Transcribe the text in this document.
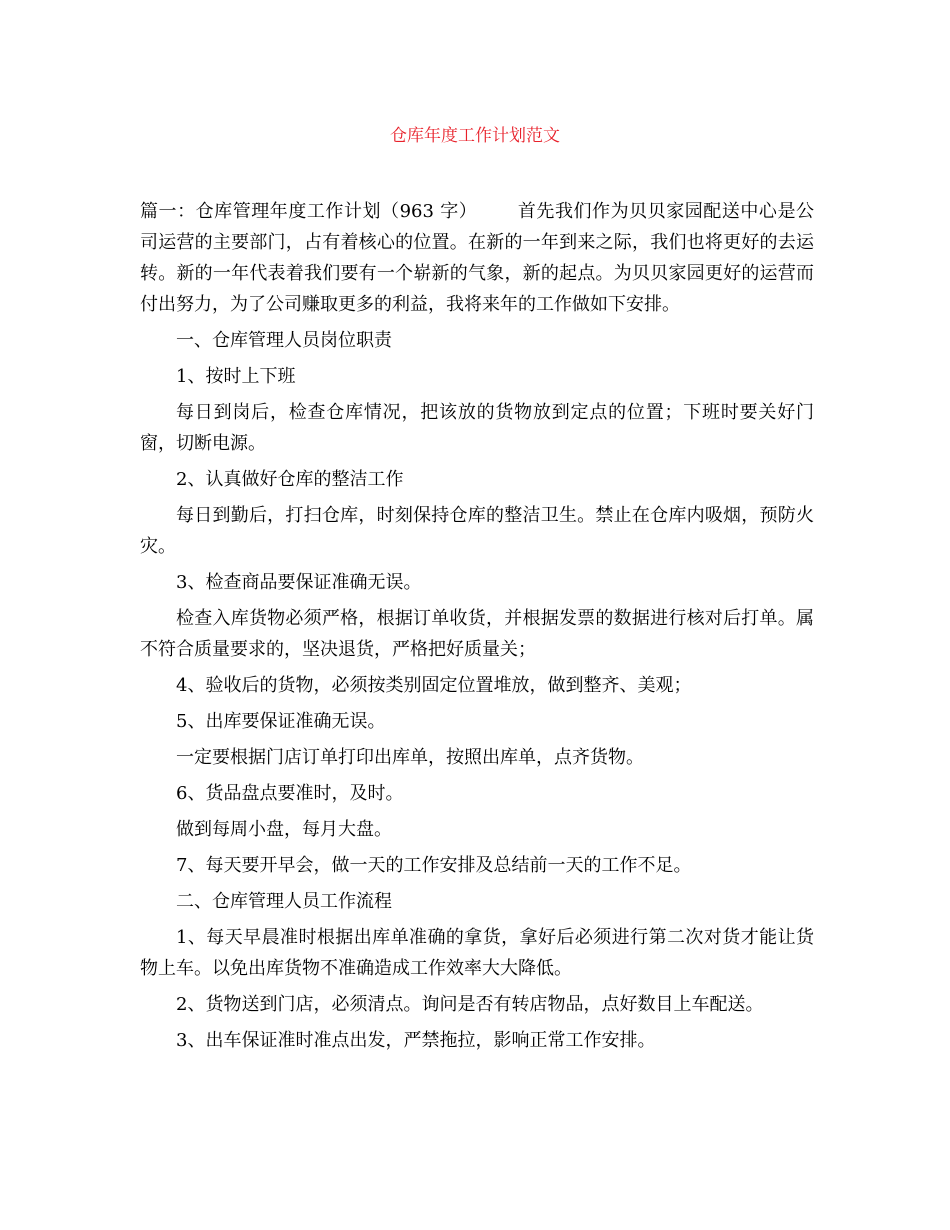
仓库年度工作计划范文

篇一：仓库管理年度工作计划（963 字） 首先我们作为贝贝家园配送中心是公司运营的主要部门，占有着核心的位置。在新的一年到来之际，我们也将更好的去运转。新的一年代表着我们要有一个崭新的气象，新的起点。为贝贝家园更好的运营而付出努力，为了公司赚取更多的利益，我将来年的工作做如下安排。

一、仓库管理人员岗位职责

1、按时上下班

每日到岗后，检查仓库情况，把该放的货物放到定点的位置；下班时要关好门窗，切断电源。

2、认真做好仓库的整洁工作

每日到勤后，打扫仓库，时刻保持仓库的整洁卫生。禁止在仓库内吸烟，预防火灾。

3、检查商品要保证准确无误。

检查入库货物必须严格，根据订单收货，并根据发票的数据进行核对后打单。属不符合质量要求的，坚决退货，严格把好质量关；

4、验收后的货物，必须按类别固定位置堆放，做到整齐、美观；

5、出库要保证准确无误。

一定要根据门店订单打印出库单，按照出库单，点齐货物。

6、货品盘点要准时，及时。

做到每周小盘，每月大盘。

7、每天要开早会，做一天的工作安排及总结前一天的工作不足。

二、仓库管理人员工作流程

1、每天早晨准时根据出库单准确的拿货，拿好后必须进行第二次对货才能让货物上车。以免出库货物不准确造成工作效率大大降低。

2、货物送到门店，必须清点。询问是否有转店物品，点好数目上车配送。

3、出车保证准时准点出发，严禁拖拉，影响正常工作安排。
